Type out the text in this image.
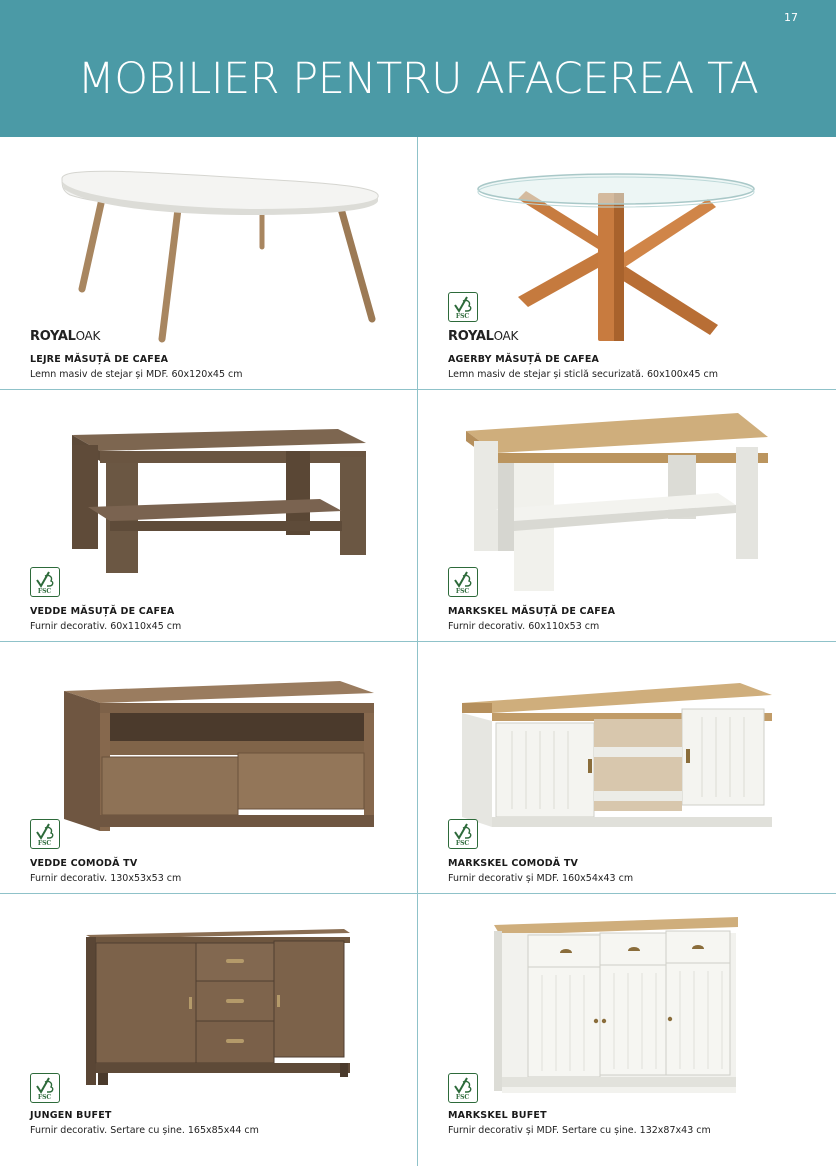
17
MOBILIER PENTRU AFACEREA TA
ROYALOAK
LEJRE MĂSUȚĂ DE CAFEA
Lemn masiv de stejar și MDF. 60x120x45 cm
FSC
ROYALOAK
AGERBY MĂSUȚĂ DE CAFEA
Lemn masiv de stejar și sticlă securizată. 60x100x45 cm
FSC
VEDDE MĂSUȚĂ DE CAFEA
Furnir decorativ. 60x110x45 cm
FSC
MARKSKEL MĂSUȚĂ DE CAFEA
Furnir decorativ. 60x110x53 cm
FSC
VEDDE COMODĂ TV
Furnir decorativ. 130x53x53 cm
FSC
MARKSKEL COMODĂ TV
Furnir decorativ și MDF. 160x54x43 cm
FSC
JUNGEN BUFET
Furnir decorativ. Sertare cu șine. 165x85x44 cm
FSC
MARKSKEL BUFET
Furnir decorativ și MDF. Sertare cu șine. 132x87x43 cm
